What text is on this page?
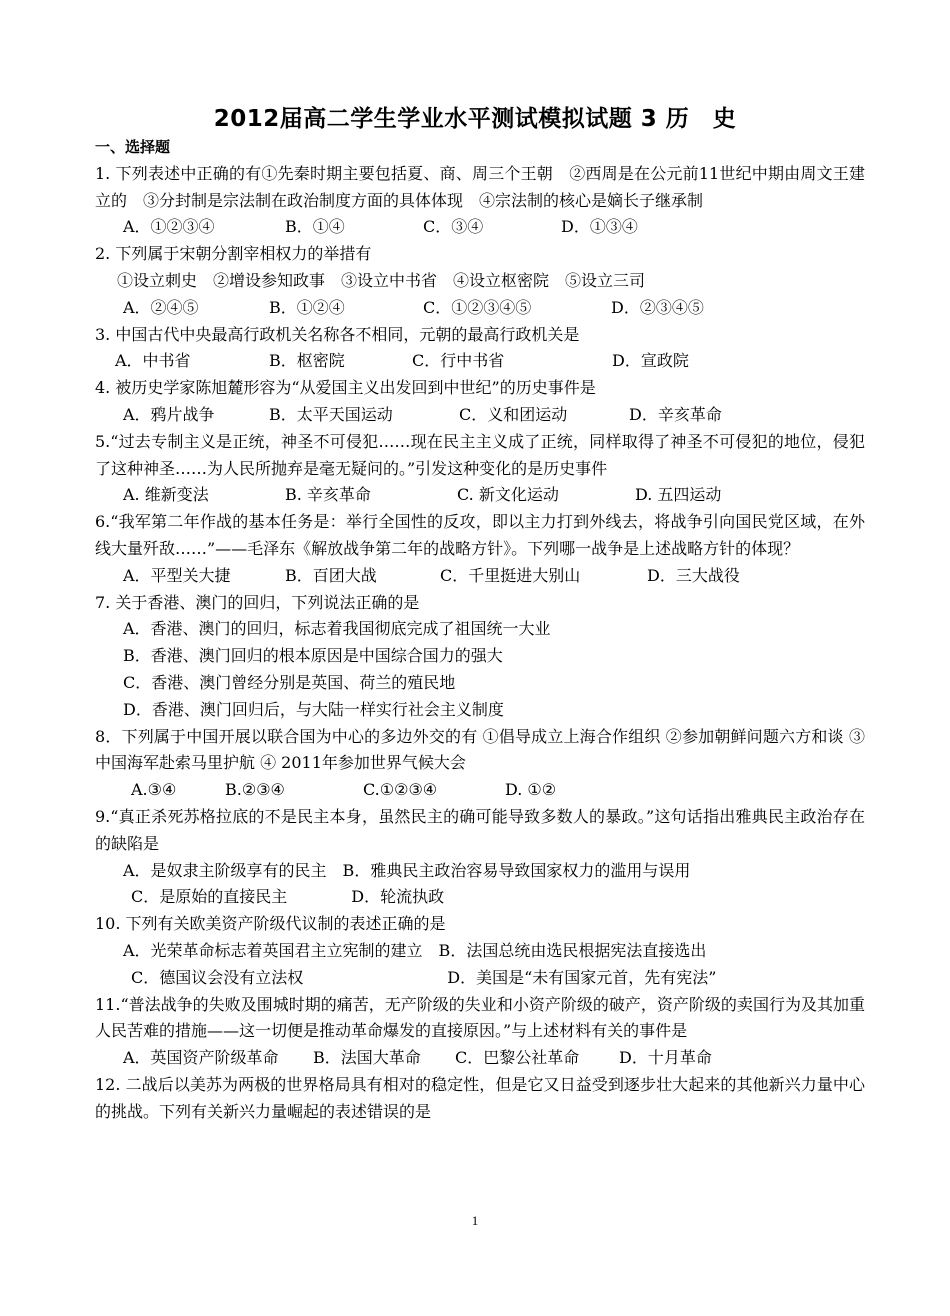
2012届高二学生学业水平测试模拟试题 3 历　史
一、选择题
1. 下列表述中正确的有①先秦时期主要包括夏、商、周三个王朝　②西周是在公元前11世纪中期由周文王建立的　③分封制是宗法制在政治制度方面的具体体现　④宗法制的核心是嫡长子继承制
A．①②③④	B．①④	C．③④	D．①③④
2. 下列属于宋朝分割宰相权力的举措有
①设立刺史　②增设参知政事　③设立中书省　④设立枢密院　⑤设立三司
A．②④⑤	B．①②④	C．①②③④⑤	D．②③④⑤
3. 中国古代中央最高行政机关名称各不相同，元朝的最高行政机关是
A．中书省	B．枢密院	C．行中书省	D．宣政院
4. 被历史学家陈旭麓形容为“从爱国主义出发回到中世纪”的历史事件是
A．鸦片战争	B．太平天国运动	C．义和团运动	D．辛亥革命
5.“过去专制主义是正统，神圣不可侵犯……现在民主主义成了正统，同样取得了神圣不可侵犯的地位，侵犯了这种神圣……为人民所抛弃是毫无疑问的。”引发这种变化的是历史事件
A. 维新变法	B. 辛亥革命	C. 新文化运动	D. 五四运动
6.“我军第二年作战的基本任务是：举行全国性的反攻，即以主力打到外线去，将战争引向国民党区域，在外线大量歼敌……”——毛泽东《解放战争第二年的战略方针》。下列哪一战争是上述战略方针的体现？
A．平型关大捷	B．百团大战	C．千里挺进大别山	D．三大战役
7. 关于香港、澳门的回归，下列说法正确的是
A．香港、澳门的回归，标志着我国彻底完成了祖国统一大业
B．香港、澳门回归的根本原因是中国综合国力的强大
C．香港、澳门曾经分别是英国、荷兰的殖民地
D．香港、澳门回归后，与大陆一样实行社会主义制度
8．下列属于中国开展以联合国为中心的多边外交的有 ①倡导成立上海合作组织 ②参加朝鲜问题六方和谈 ③中国海军赴索马里护航 ④ 2011年参加世界气候大会
A.③④	B.②③④	C.①②③④	D. ①②
9.“真正杀死苏格拉底的不是民主本身，虽然民主的确可能导致多数人的暴政。”这句话指出雅典民主政治存在的缺陷是
A．是奴隶主阶级享有的民主　B．雅典民主政治容易导致国家权力的滥用与误用
C．是原始的直接民主　　　　D．轮流执政
10. 下列有关欧美资产阶级代议制的表述正确的是
A．光荣革命标志着英国君主立宪制的建立　B．法国总统由选民根据宪法直接选出
C．德国议会没有立法权　　　　　　　　　D．美国是“未有国家元首，先有宪法”
11.“普法战争的失败及围城时期的痛苦，无产阶级的失业和小资产阶级的破产，资产阶级的卖国行为及其加重人民苦难的措施——这一切便是推动革命爆发的直接原因。”与上述材料有关的事件是
A．英国资产阶级革命	B．法国大革命	C．巴黎公社革命	D．十月革命
12. 二战后以美苏为两极的世界格局具有相对的稳定性，但是它又日益受到逐步壮大起来的其他新兴力量中心的挑战。下列有关新兴力量崛起的表述错误的是
1
